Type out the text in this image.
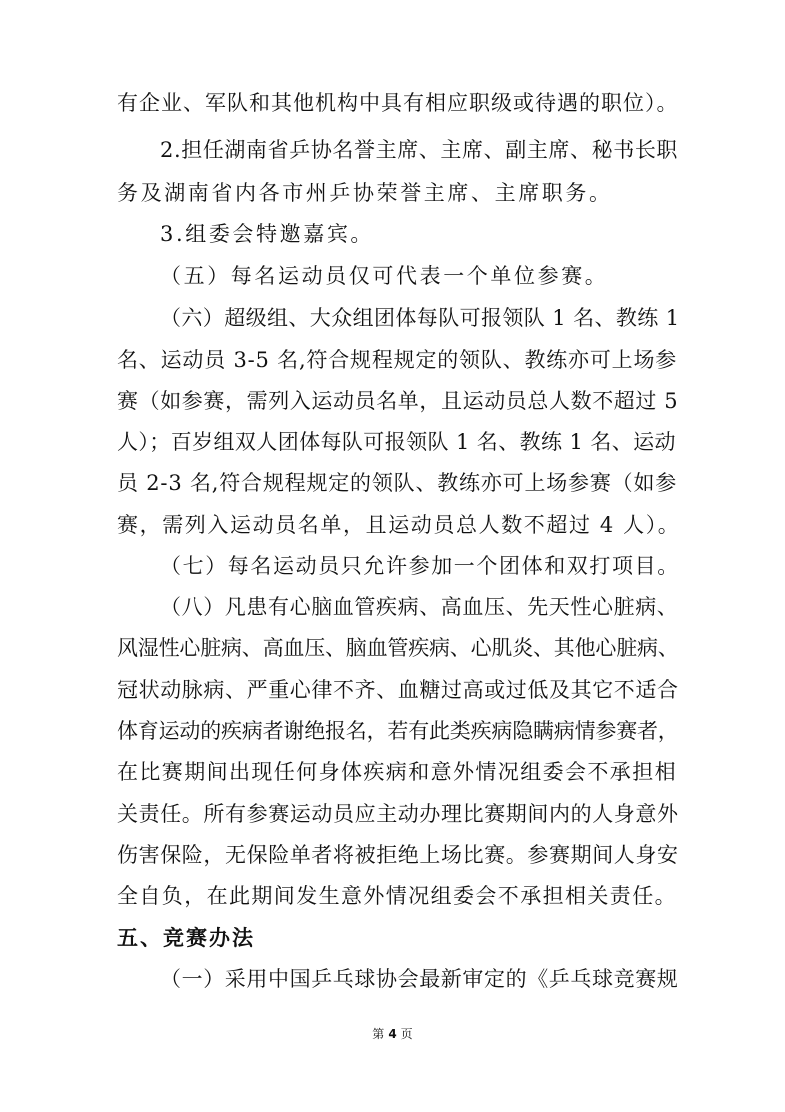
有企业、军队和其他机构中具有相应职级或待遇的职位）。
2.担任湖南省乒协名誉主席、主席、副主席、秘书长职
务及湖南省内各市州乒协荣誉主席、主席职务。
3.组委会特邀嘉宾。
（五）每名运动员仅可代表一个单位参赛。
（六）超级组、大众组团体每队可报领队 1 名、教练 1
名、运动员 3-5 名,符合规程规定的领队、教练亦可上场参
赛（如参赛，需列入运动员名单，且运动员总人数不超过 5
人）；百岁组双人团体每队可报领队 1 名、教练 1 名、运动
员 2-3 名,符合规程规定的领队、教练亦可上场参赛（如参
赛，需列入运动员名单，且运动员总人数不超过 4 人）。
（七）每名运动员只允许参加一个团体和双打项目。
（八）凡患有心脑血管疾病、高血压、先天性心脏病、
风湿性心脏病、高血压、脑血管疾病、心肌炎、其他心脏病、
冠状动脉病、严重心律不齐、血糖过高或过低及其它不适合
体育运动的疾病者谢绝报名，若有此类疾病隐瞒病情参赛者，
在比赛期间出现任何身体疾病和意外情况组委会不承担相
关责任。所有参赛运动员应主动办理比赛期间内的人身意外
伤害保险，无保险单者将被拒绝上场比赛。参赛期间人身安
全自负，在此期间发生意外情况组委会不承担相关责任。
五、竞赛办法
（一）采用中国乒乓球协会最新审定的《乒乓球竞赛规
第 4 页
